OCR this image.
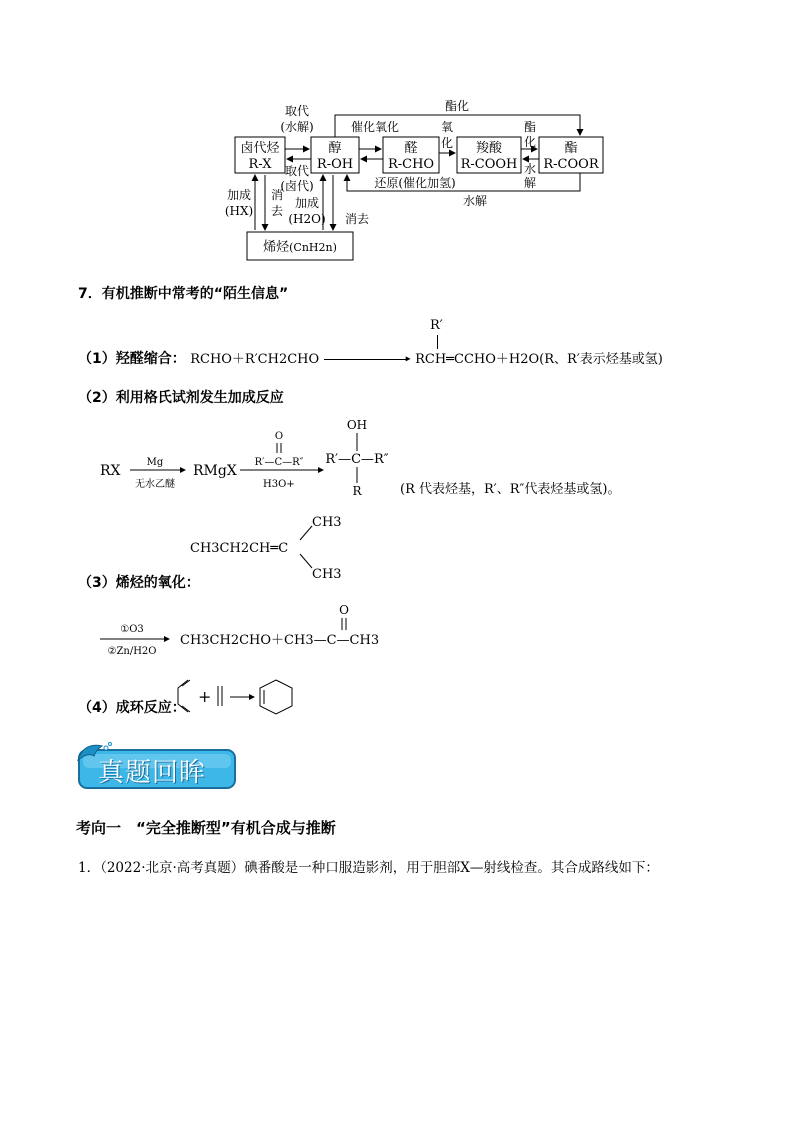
卤代烃
R-X
醇
R-OH
醛
R-CHO
羧酸
R-COOH
酯
R-COOR
烯烃(CnH2n)
酯化
取代
(水解)	催化氧化	氧
化
酯
化
取代
(卤代)
水
解
还原(催化加氢)
水解
加成
(HX)
消
去
加成
(H2O) 消去
7．有机推断中常考的“陌生信息”
R′
（1）羟醛缩合： RCHO＋R′CH2CHO	▸ RCH═CCHO＋H2O(R、R′表示烃基或氢)
（2）利用格氏试剂发生加成反应
RX
Mg
无水乙醚
RMgX
O
R′—C—R″
H3O+
OH
R′—C—R″
R	(R 代表烃基，R′、R″代表烃基或氢)。
CH3CH2CH═C
CH3
CH3
（3）烯烃的氧化：
①O3
②Zn/H2O
CH3CH2CHO＋CH3—C—CH3
O
（4）成环反应：
+
真题回眸
考向一　“完全推断型”有机合成与推断
1．（2022·北京·高考真题）碘番酸是一种口服造影剂，用于胆部X—射线检查。其合成路线如下：
